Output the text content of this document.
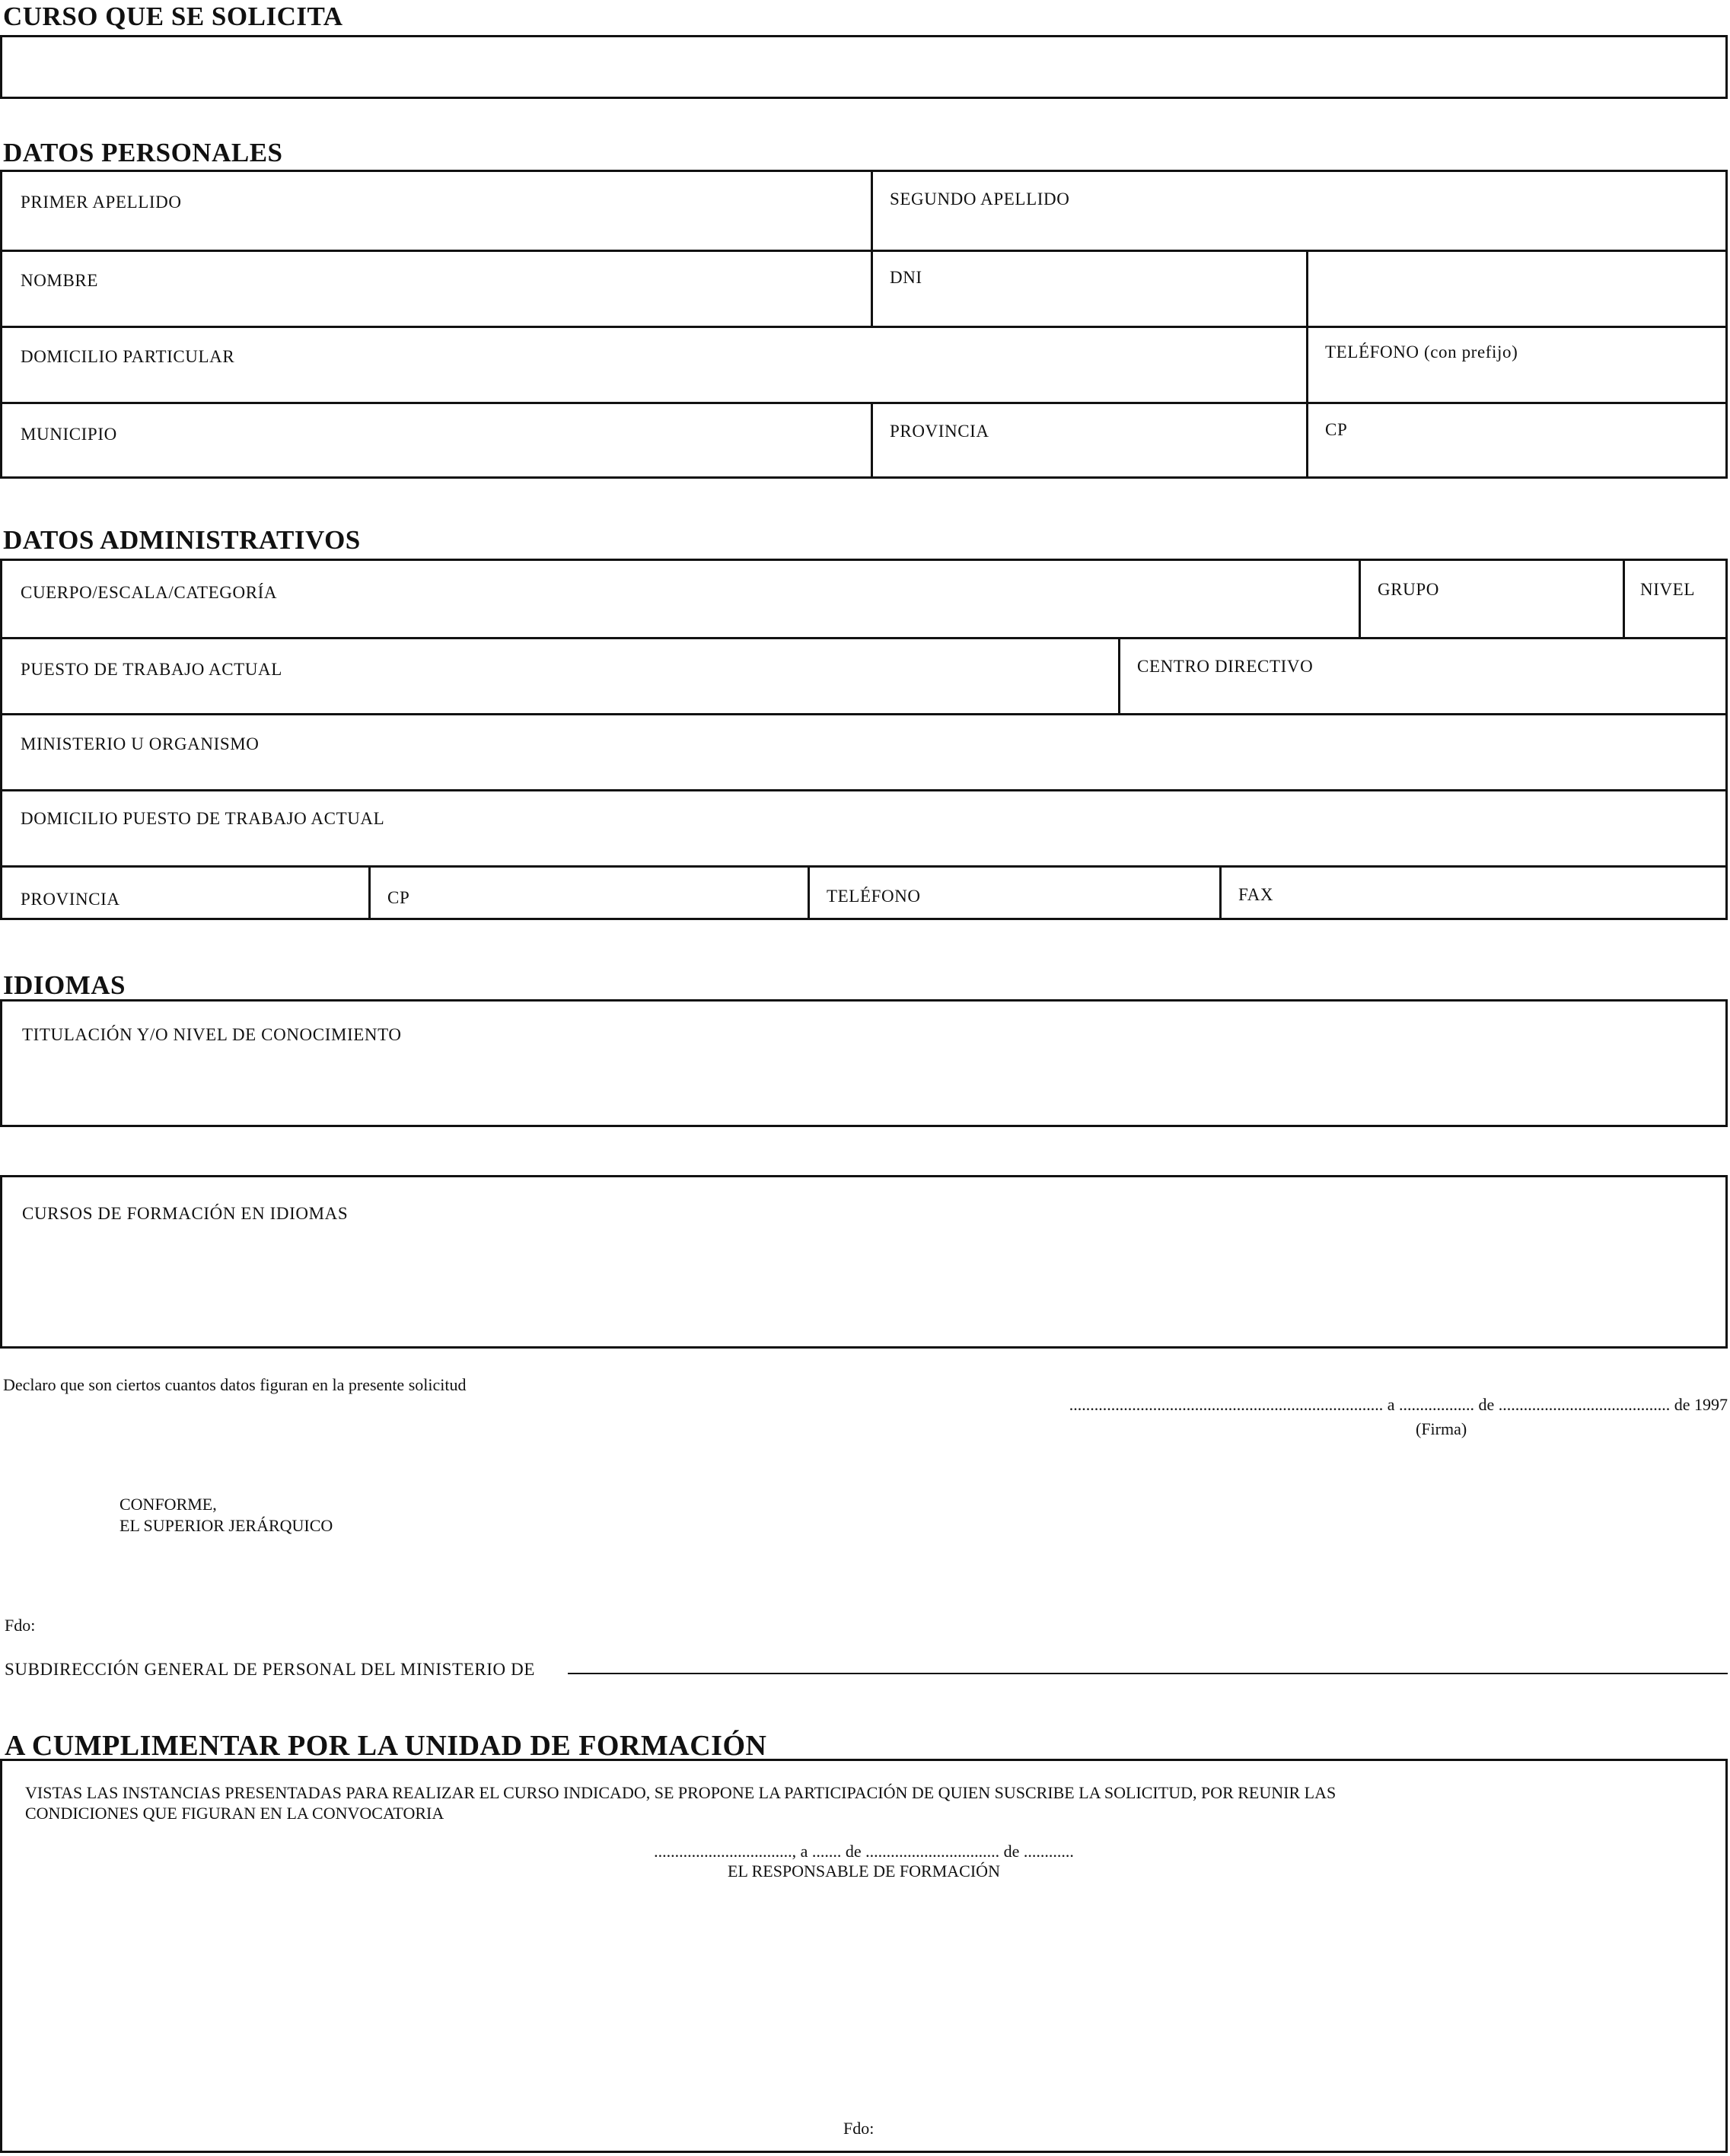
CURSO QUE SE SOLICITA
DATOS PERSONALES
PRIMER APELLIDO	SEGUNDO APELLIDO
NOMBRE	DNI
DOMICILIO PARTICULAR	TELÉFONO (con prefijo)
MUNICIPIO	PROVINCIA	CP
DATOS ADMINISTRATIVOS
CUERPO/ESCALA/CATEGORÍA	GRUPO	NIVEL
PUESTO DE TRABAJO ACTUAL	CENTRO DIRECTIVO
MINISTERIO U ORGANISMO
DOMICILIO PUESTO DE TRABAJO ACTUAL
PROVINCIA	CP	TELÉFONO	FAX
IDIOMAS
TITULACIÓN Y/O NIVEL DE CONOCIMIENTO
CURSOS DE FORMACIÓN EN IDIOMAS
Declaro que son ciertos cuantos datos figuran en la presente solicitud
........................................................................... a .................. de ......................................... de 1997
(Firma)
CONFORME,
EL SUPERIOR JERÁRQUICO
Fdo:
SUBDIRECCIÓN GENERAL DE PERSONAL DEL MINISTERIO DE
A CUMPLIMENTAR POR LA UNIDAD DE FORMACIÓN
VISTAS LAS INSTANCIAS PRESENTADAS PARA REALIZAR EL CURSO INDICADO, SE PROPONE LA PARTICIPACIÓN DE QUIEN SUSCRIBE LA SOLICITUD, POR REUNIR LAS
CONDICIONES QUE FIGURAN EN LA CONVOCATORIA
................................., a ....... de ................................ de ............
EL RESPONSABLE DE FORMACIÓN
Fdo:
